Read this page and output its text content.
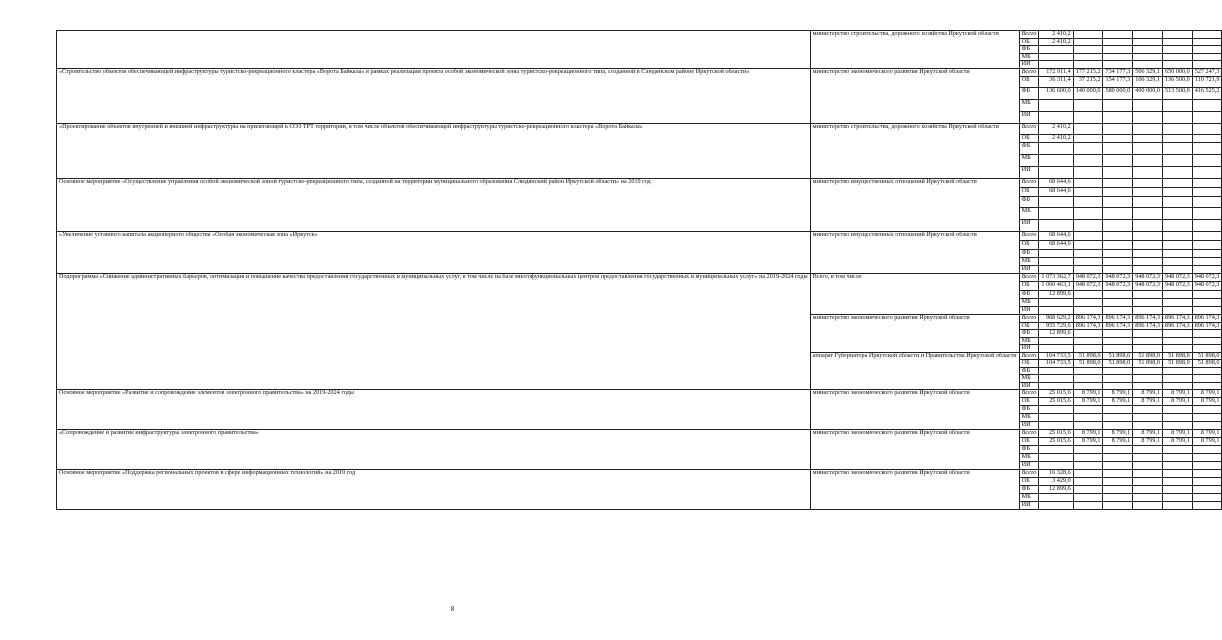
	министерство строительства, дорожного хозяйства Иркутской области	Всего	2 410,2					
		ОБ	2 410,2					
		ФБ						
		МБ						
		ИИ						
«Строительство объектов обеспечивающей инфраструктуры туристско-рекреационного кластера «Ворота Байкала» в рамках реализации проекта особой экономической зоны туристско-рекреационного типа, созданной в Слюдянском районе Иркутской области»	министерство экономического развития Иркутской области	Всего	172 911,4	177 215,2	734 177,3	506 329,1	650 000,0	527 247,3
		ОБ	36 311,4	37 215,2	154 177,3	106 329,1	136 500,0	110 721,9
		ФБ	136 600,0	140 000,0	580 000,0	400 000,0	513 500,0	416 525,2
		МБ						
		ИИ						
«Проектирование объектов внутренней и внешней инфраструктуры на прилегающей к ОЭЗ ТРТ территории, в том числе объектов обеспечивающей инфраструктуры туристско-рекреационного кластера «Ворота Байкала»	министерство строительства, дорожного хозяйства Иркутской области	Всего	2 410,2					
		ОБ	2 410,2					
		ФБ						
		МБ						
		ИИ						
Основное мероприятие «Осуществление управления особой экономической зоной туристско-рекреационного типа, созданной на территории муниципального образования Слюдянский район Иркутской области» на 2019 год	министерство имущественных отношений Иркутской области	Всего	68 644,6					
		ОБ	68 644,6					
		ФБ						
		МБ						
		ИИ						
«Увеличение уставного капитала акционерного общества «Особая экономическая зона «Иркутск»	министерство имущественных отношений Иркутской области	Всего	68 644,6					
		ОБ	68 644,6					
		ФБ						
		МБ						
		ИИ						
Подпрограмма «Снижение административных барьеров, оптимизация и повышение качества предоставления государственных и муниципальных услуг, в том числе на базе многофункциональных центров предоставления государственных и муниципальных услуг» на 2019-2024 годы	Всего, в том числе	Всего	1 073 362,7	948 072,3	948 072,3	948 072,3	948 072,3	948 072,3
		ОБ	1 060 463,1	948 072,3	948 072,3	948 072,3	948 072,3	948 072,3
		ФБ	12 899,6					
		МБ						
		ИИ						
	министерство экономического развития Иркутской области	Всего	968 629,2	896 174,3	896 174,3	896 174,3	896 174,3	896 174,3
		ОБ	955 729,6	896 174,3	896 174,3	896 174,3	896 174,3	896 174,3
		ФБ	12 899,6					
		МБ						
		ИИ						
	аппарат Губернатора Иркутской области и Правительства Иркутской области	Всего	104 733,5	51 898,0	51 898,0	51 898,0	51 898,0	51 898,0
		ОБ	104 733,5	51 898,0	51 898,0	51 898,0	51 898,0	51 898,0
		ФБ						
		МБ						
		ИИ						
Основное мероприятие «Развитие и сопровождение элементов электронного правительства» на 2019-2024 годы	министерство экономического развития Иркутской области	Всего	25 015,6	8 799,1	8 799,1	8 799,1	8 799,1	8 799,1
		ОБ	25 015,6	8 799,1	8 799,1	8 799,1	8 799,1	8 799,1
		ФБ						
		МБ						
		ИИ						
«Сопровождение и развитие инфраструктуры электронного правительства»	министерство экономического развития Иркутской области	Всего	25 015,6	8 799,1	8 799,1	8 799,1	8 799,1	8 799,1
		ОБ	25 015,6	8 799,1	8 799,1	8 799,1	8 799,1	8 799,1
		ФБ						
		МБ						
		ИИ						
Основное мероприятие «Поддержка региональных проектов в сфере информационных технологий» на 2019 год	министерство экономического развития Иркутской области	Всего	16 328,6					
		ОБ	3 429,0					
		ФБ	12 899,6					
		МБ						
		ИИ						
8
